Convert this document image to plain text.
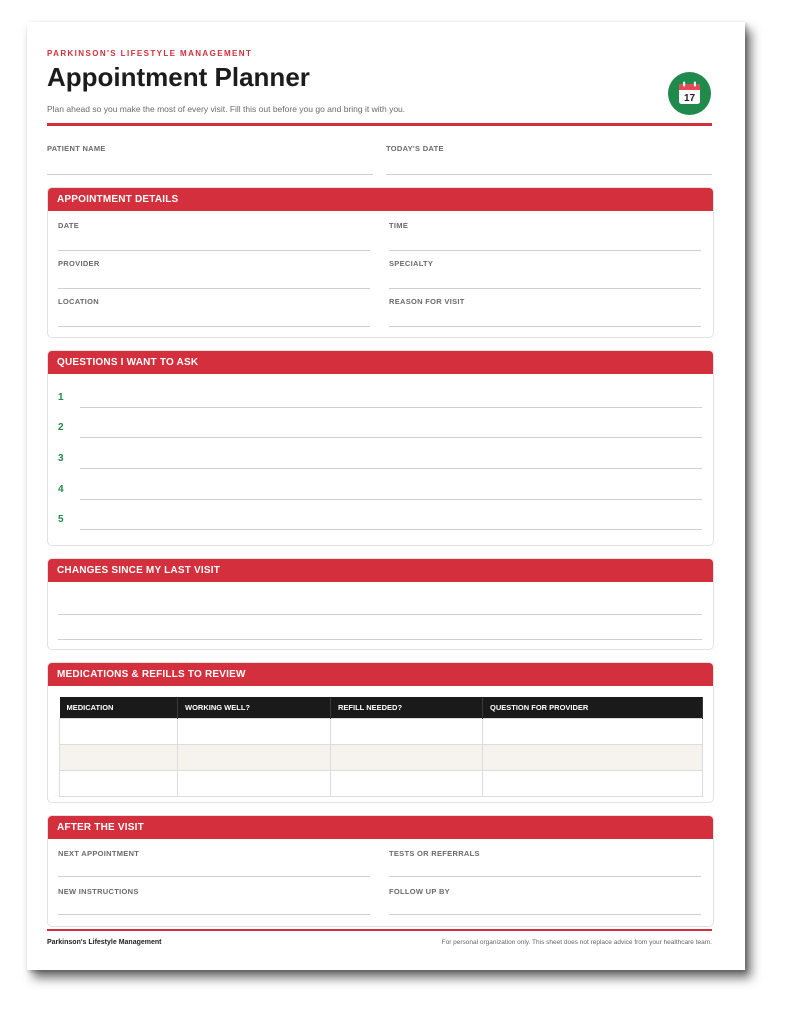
PARKINSON'S LIFESTYLE MANAGEMENT
Appointment Planner
Plan ahead so you make the most of every visit. Fill this out before you go and bring it with you.
17
PATIENT NAME	TODAY'S DATE
APPOINTMENT DETAILS
DATE	TIME
PROVIDER	SPECIALTY
LOCATION	REASON FOR VISIT
QUESTIONS I WANT TO ASK
1
2
3
4
5
CHANGES SINCE MY LAST VISIT
MEDICATIONS & REFILLS TO REVIEW
MEDICATION	WORKING WELL?	REFILL NEEDED?	QUESTION FOR PROVIDER

AFTER THE VISIT
NEXT APPOINTMENT	TESTS OR REFERRALS
NEW INSTRUCTIONS	FOLLOW UP BY
Parkinson's Lifestyle Management	For personal organization only. This sheet does not replace advice from your healthcare team.
